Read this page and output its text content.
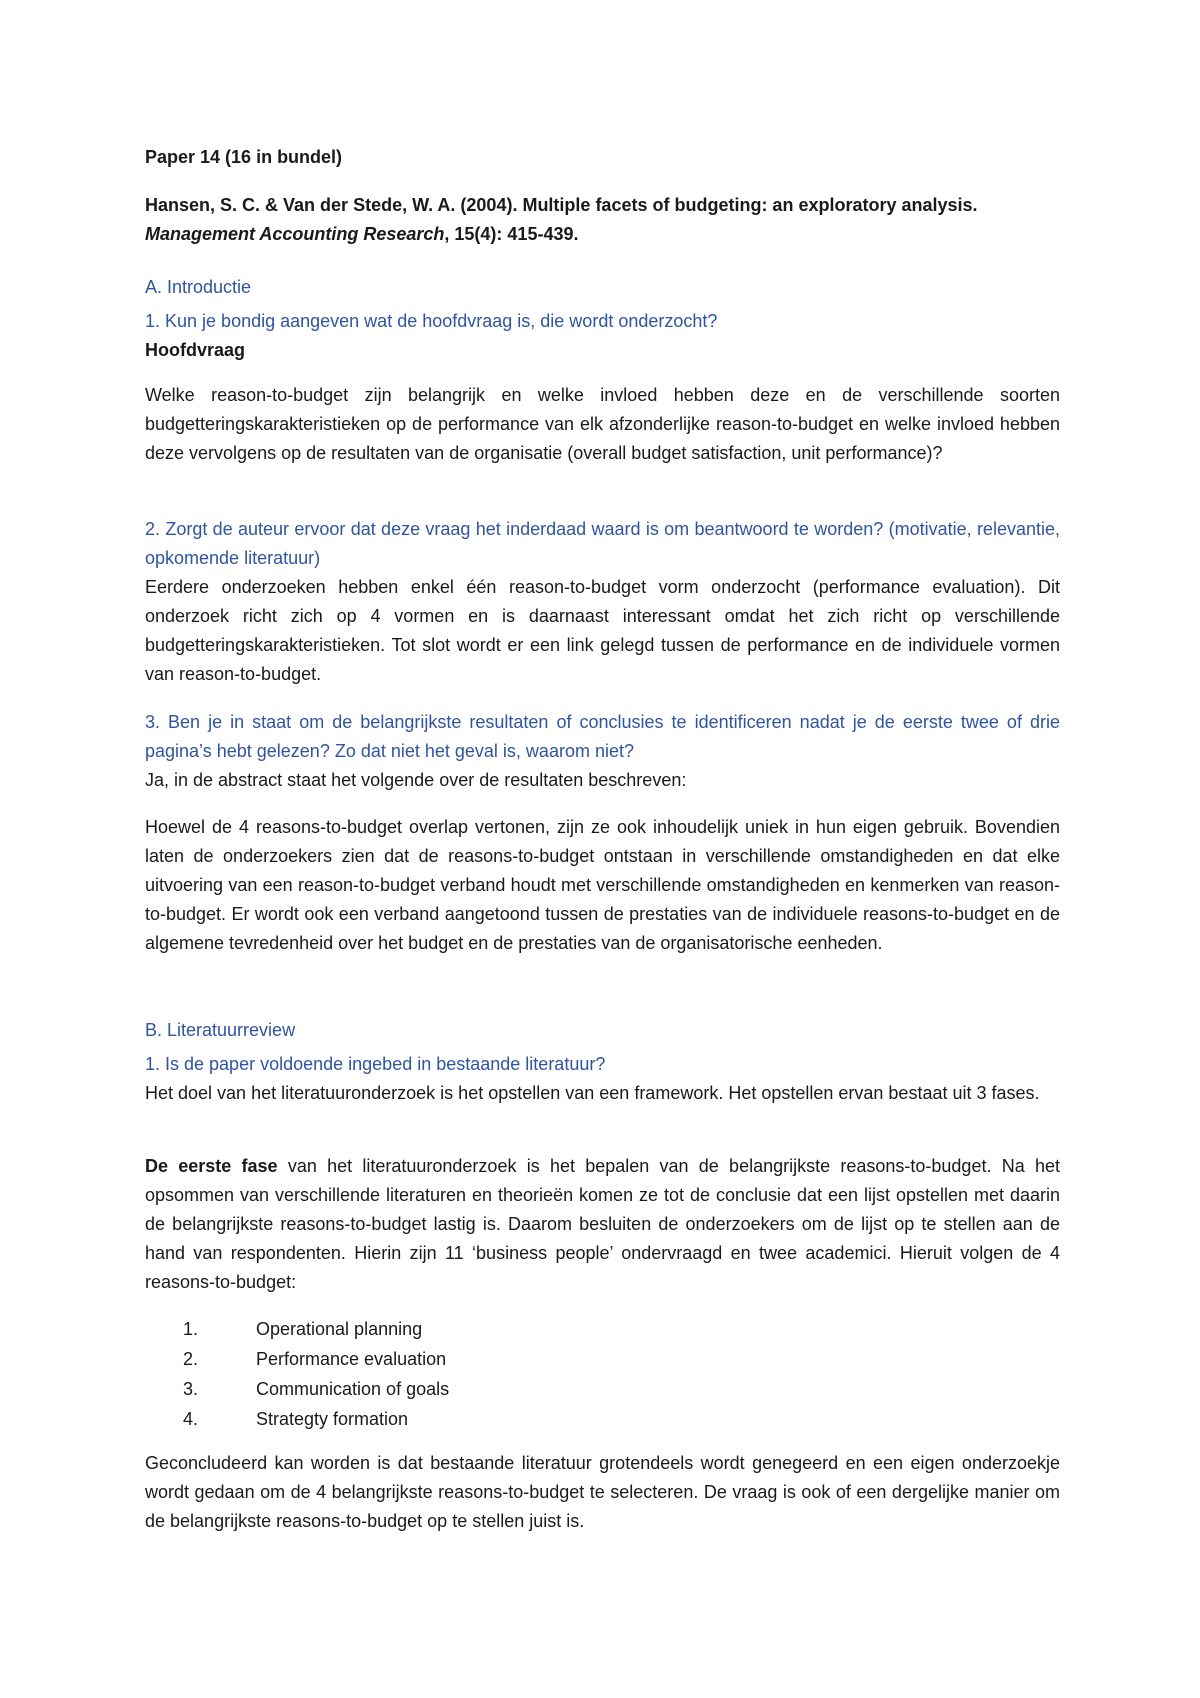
Paper 14 (16 in bundel)

Hansen, S. C. & Van der Stede, W. A. (2004). Multiple facets of budgeting: an exploratory analysis.

Management Accounting Research, 15(4): 415-439.

A. Introductie

1. Kun je bondig aangeven wat de hoofdvraag is, die wordt onderzocht?

Hoofdvraag

Welke reason-to-budget zijn belangrijk en welke invloed hebben deze en de verschillende soorten budgetteringskarakteristieken op de performance van elk afzonderlijke reason-to-budget en welke invloed hebben deze vervolgens op de resultaten van de organisatie (overall budget satisfaction, unit performance)?

2. Zorgt de auteur ervoor dat deze vraag het inderdaad waard is om beantwoord te worden? (motivatie, relevantie, opkomende literatuur)

Eerdere onderzoeken hebben enkel één reason-to-budget vorm onderzocht (performance evaluation). Dit onderzoek richt zich op 4 vormen en is daarnaast interessant omdat het zich richt op verschillende budgetteringskarakteristieken. Tot slot wordt er een link gelegd tussen de performance en de individuele vormen van reason-to-budget.

3. Ben je in staat om de belangrijkste resultaten of conclusies te identificeren nadat je de eerste twee of drie pagina’s hebt gelezen? Zo dat niet het geval is, waarom niet?

Ja, in de abstract staat het volgende over de resultaten beschreven:

Hoewel de 4 reasons-to-budget overlap vertonen, zijn ze ook inhoudelijk uniek in hun eigen gebruik. Bovendien laten de onderzoekers zien dat de reasons-to-budget ontstaan in verschillende omstandigheden en dat elke uitvoering van een reason-to-budget verband houdt met verschillende omstandigheden en kenmerken van reason-to-budget. Er wordt ook een verband aangetoond tussen de prestaties van de individuele reasons-to-budget en de algemene tevredenheid over het budget en de prestaties van de organisatorische eenheden.

B. Literatuurreview

1. Is de paper voldoende ingebed in bestaande literatuur?

Het doel van het literatuuronderzoek is het opstellen van een framework. Het opstellen ervan bestaat uit 3 fases.

De eerste fase van het literatuuronderzoek is het bepalen van de belangrijkste reasons-to-budget. Na het opsommen van verschillende literaturen en theorieën komen ze tot de conclusie dat een lijst opstellen met daarin de belangrijkste reasons-to-budget lastig is. Daarom besluiten de onderzoekers om de lijst op te stellen aan de hand van respondenten. Hierin zijn 11 ‘business people’ ondervraagd en twee academici. Hieruit volgen de 4 reasons-to-budget:

1.	Operational planning
2.	Performance evaluation
3.	Communication of goals
4.	Strategty formation

Geconcludeerd kan worden is dat bestaande literatuur grotendeels wordt genegeerd en een eigen onderzoekje wordt gedaan om de 4 belangrijkste reasons-to-budget te selecteren. De vraag is ook of een dergelijke manier om de belangrijkste reasons-to-budget op te stellen juist is.
